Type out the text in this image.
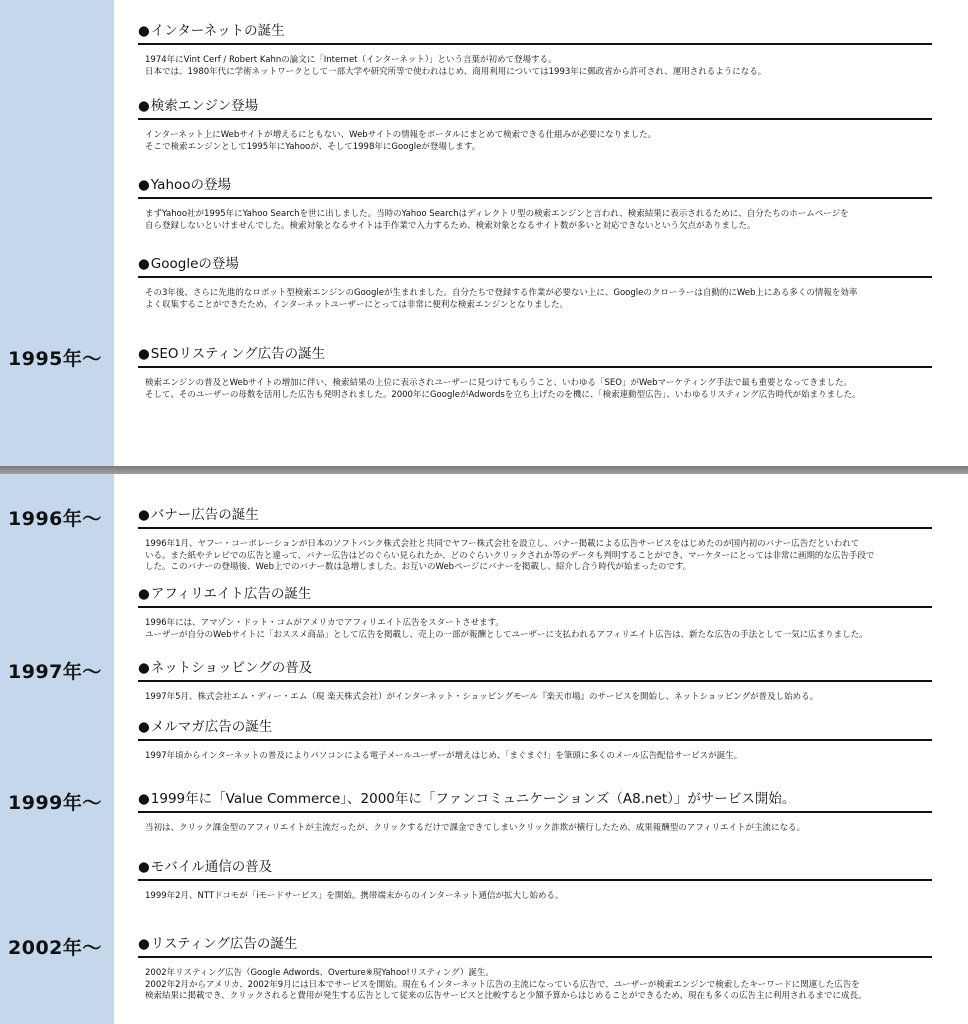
1995年～
●インターネットの誕生
1974年にVint Cerf / Robert Kahnの論文に「Internet（インターネット）」という言葉が初めて登場する。
日本では、1980年代に学術ネットワークとして一部大学や研究所等で使われはじめ、商用利用については1993年に郵政省から許可され、運用されるようになる。
●検索エンジン登場
インターネット上にWebサイトが増えるにともない、Webサイトの情報をポータルにまとめて検索できる仕組みが必要になりました。
そこで検索エンジンとして1995年にYahooが、そして1998年にGoogleが登場します。
●Yahooの登場
まずYahoo社が1995年にYahoo Searchを世に出しました。当時のYahoo Searchはディレクトリ型の検索エンジンと言われ、検索結果に表示されるために、自分たちのホームページを
自ら登録しないといけませんでした。検索対象となるサイトは手作業で入力するため、検索対象となるサイト数が多いと対応できないという欠点がありました。
●Googleの登場
その3年後、さらに先進的なロボット型検索エンジンのGoogleが生まれました。自分たちで登録する作業が必要ない上に、Googleのクローラーは自動的にWeb上にある多くの情報を効率
よく収集することができたため、インターネットユーザーにとっては非常に便利な検索エンジンとなりました。
●SEOリスティング広告の誕生
検索エンジンの普及とWebサイトの増加に伴い、検索結果の上位に表示されユーザーに見つけてもらうこと、いわゆる「SEO」がWebマーケティング手法で最も重要となってきました。
そして、そのユーザーの母数を活用した広告も発明されました。2000年にGoogleがAdwordsを立ち上げたのを機に、「検索連動型広告」、いわゆるリスティング広告時代が始まりました。
1996年～
1997年～
1999年～
2002年～
●バナー広告の誕生
1996年1月、ヤフー・コーポレーションが日本のソフトバンク株式会社と共同でヤフー株式会社を設立し、バナー掲載による広告サービスをはじめたのが国内初のバナー広告だといわれて
いる。また紙やテレビでの広告と違って、バナー広告はどのぐらい見られたか、どのぐらいクリックされか等のデータも判明することができ、マーケターにとっては非常に画期的な広告手段で
した。このバナーの登場後、Web上でのバナー数は急増しました。お互いのWebページにバナーを掲載し、紹介し合う時代が始まったのです。
●アフィリエイト広告の誕生
1996年には、アマゾン・ドット・コムがアメリカでアフィリエイト広告をスタートさせます。
ユーザーが自分のWebサイトに「おススメ商品」として広告を掲載し、売上の一部が報酬としてユーザーに支払われるアフィリエイト広告は、新たな広告の手法として一気に広まりました。
●ネットショッピングの普及
1997年5月、株式会社エム・ディー・エム（現 楽天株式会社）がインターネット・ショッピングモール『楽天市場』のサービスを開始し、ネットショッピングが普及し始める。
●メルマガ広告の誕生
1997年頃からインターネットの普及によりパソコンによる電子メールユーザーが増えはじめ、「まぐまぐ!」を筆頭に多くのメール広告配信サービスが誕生。
●1999年に「Value Commerce」、2000年に「ファンコミュニケーションズ（A8.net）」がサービス開始。
当初は、クリック課金型のアフィリエイトが主流だったが、クリックするだけで課金できてしまいクリック詐欺が横行したため、成果報酬型のアフィリエイトが主流になる。
●モバイル通信の普及
1999年2月、NTTドコモが「iモードサービス」を開始。携帯端末からのインターネット通信が拡大し始める。
●リスティング広告の誕生
2002年リスティング広告（Google Adwords、Overture※現Yahoo!リスティング）誕生。
2002年2月からアメリカ、2002年9月には日本でサービスを開始。現在もインターネット広告の主流になっている広告で、ユーザーが検索エンジンで検索したキーワードに関連した広告を
検索結果に掲載でき、クリックされると費用が発生する広告として従来の広告サービスと比較すると少額予算からはじめることができるため、現在も多くの広告主に利用されるまでに成長。
